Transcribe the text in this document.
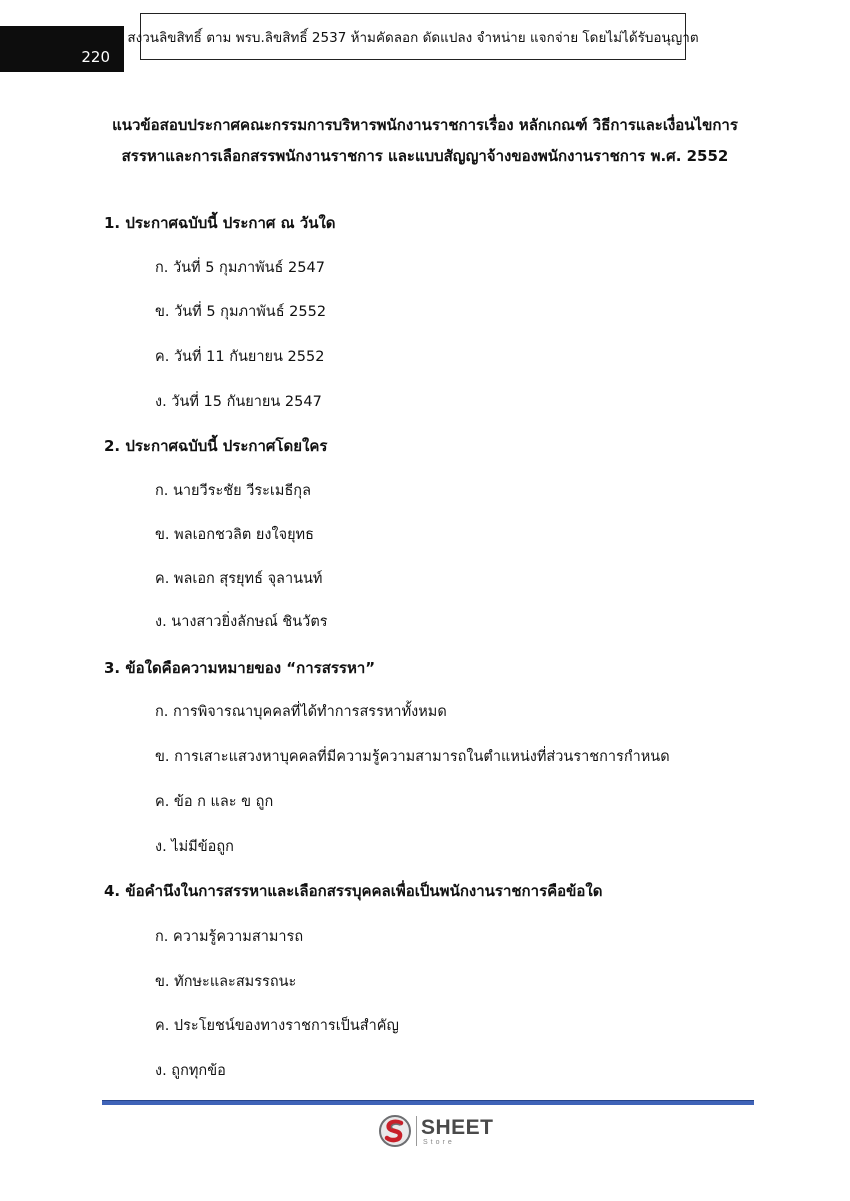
220
สงวนลิขสิทธิ์ ตาม พรบ.ลิขสิทธิ์ 2537 ห้ามคัดลอก ดัดแปลง จำหน่าย แจกจ่าย โดยไม่ได้รับอนุญาต
แนวข้อสอบประกาศคณะกรรมการบริหารพนักงานราชการเรื่อง หลักเกณฑ์ วิธีการและเงื่อนไขการ
สรรหาและการเลือกสรรพนักงานราชการ และแบบสัญญาจ้างของพนักงานราชการ พ.ศ. 2552
1. ประกาศฉบับนี้ ประกาศ ณ วันใด
ก. วันที่ 5 กุมภาพันธ์ 2547
ข. วันที่ 5 กุมภาพันธ์ 2552
ค. วันที่ 11 กันยายน 2552
ง. วันที่ 15 กันยายน 2547
2. ประกาศฉบับนี้ ประกาศโดยใคร
ก. นายวีระชัย วีระเมธีกุล
ข. พลเอกชวลิต ยงใจยุทธ
ค. พลเอก สุรยุทธ์ จุลานนท์
ง. นางสาวยิ่งลักษณ์ ชินวัตร
3. ข้อใดคือความหมายของ “การสรรหา”
ก. การพิจารณาบุคคลที่ได้ทำการสรรหาทั้งหมด
ข. การเสาะแสวงหาบุคคลที่มีความรู้ความสามารถในตำแหน่งที่ส่วนราชการกำหนด
ค. ข้อ ก และ ข ถูก
ง. ไม่มีข้อถูก
4. ข้อคำนึงในการสรรหาและเลือกสรรบุคคลเพื่อเป็นพนักงานราชการคือข้อใด
ก. ความรู้ความสามารถ
ข. ทักษะและสมรรถนะ
ค. ประโยชน์ของทางราชการเป็นสำคัญ
ง. ถูกทุกข้อ
SHEET
Store
